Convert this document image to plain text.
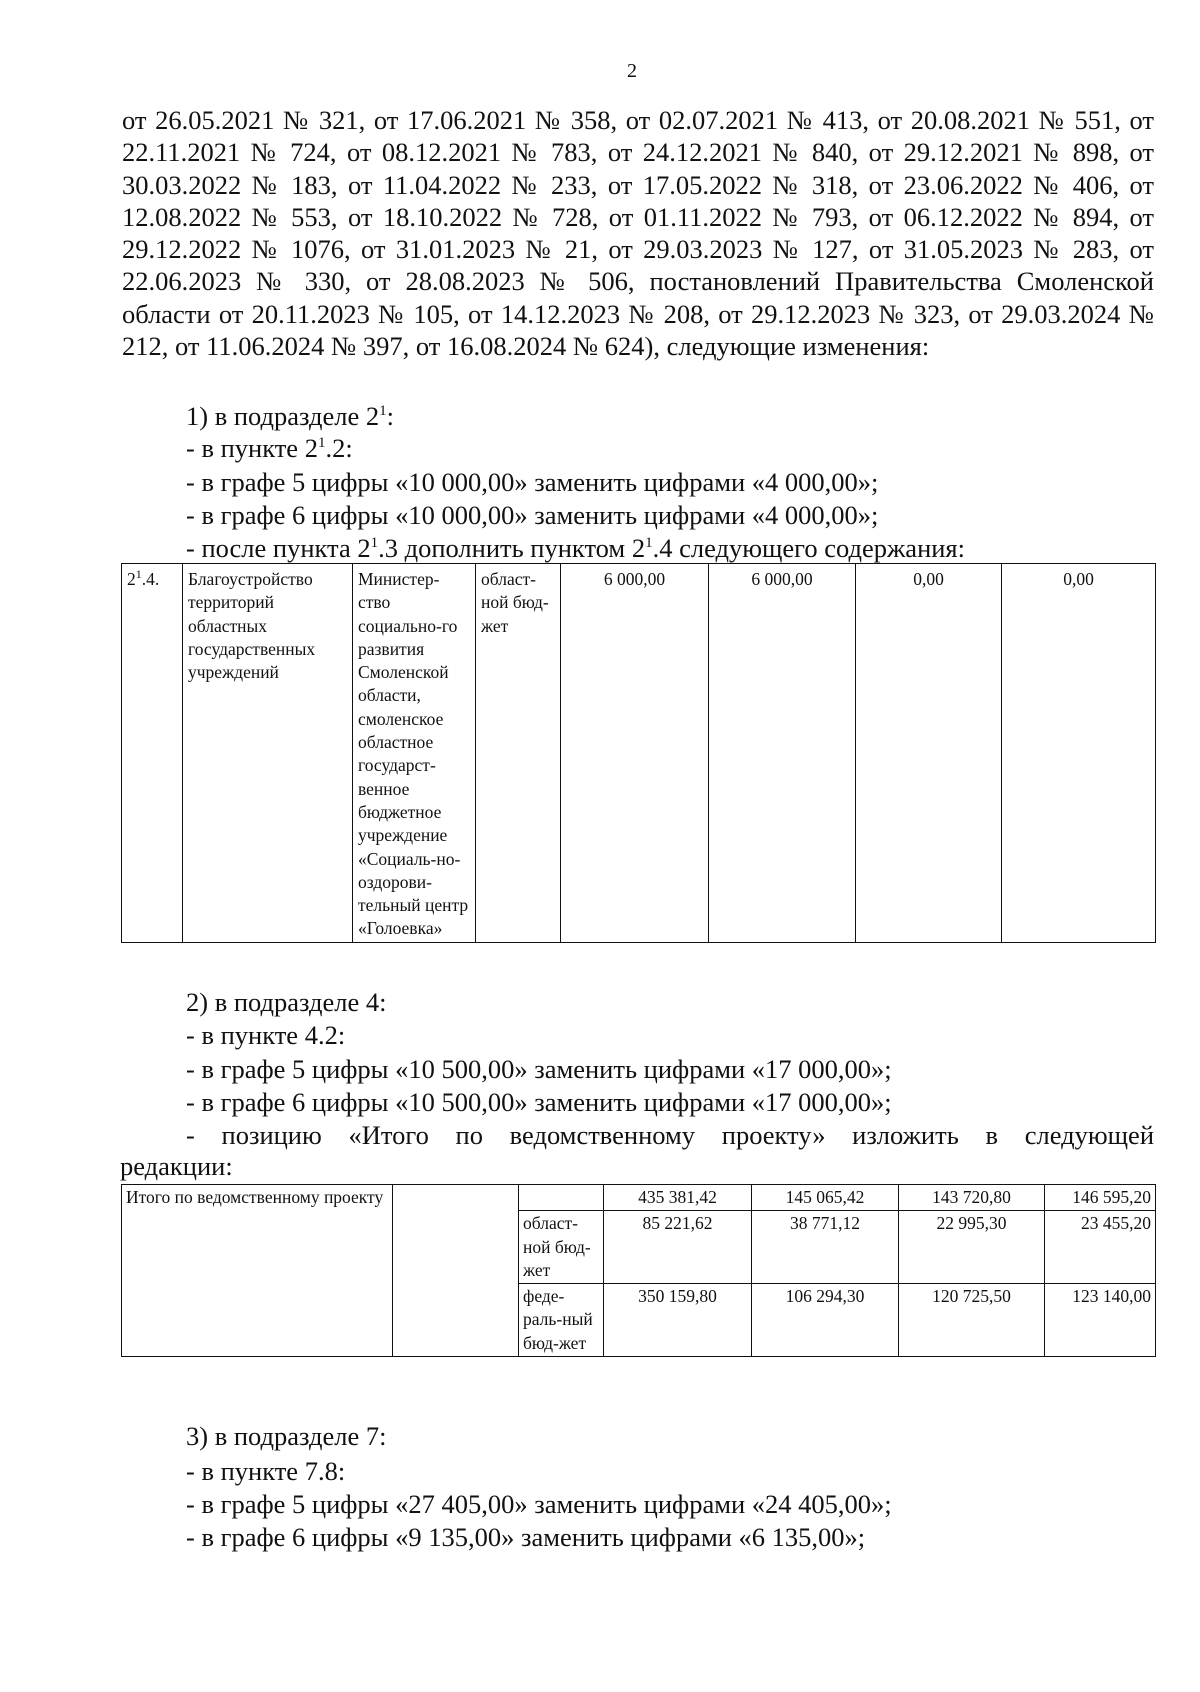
2
от 26.05.2021 № 321, от 17.06.2021 № 358, от 02.07.2021 № 413, от 20.08.2021 № 551, от 22.11.2021 № 724, от 08.12.2021 № 783, от 24.12.2021 № 840, от 29.12.2021 № 898, от 30.03.2022 № 183, от 11.04.2022 № 233, от 17.05.2022 № 318, от 23.06.2022 № 406, от 12.08.2022 № 553, от 18.10.2022 № 728, от 01.11.2022 № 793, от 06.12.2022 № 894, от 29.12.2022 № 1076, от 31.01.2023 № 21, от 29.03.2023 № 127, от 31.05.2023 № 283, от 22.06.2023 № 330, от 28.08.2023 № 506, постановлений Правительства Смоленской области от 20.11.2023 № 105, от 14.12.2023 № 208, от 29.12.2023 № 323, от 29.03.2024 № 212, от 11.06.2024 № 397, от 16.08.2024 № 624), следующие изменения:
1) в подразделе $2^1$:
- в пункте $2^1.2$:
- в графе 5 цифры «10 000,00» заменить цифрами «4 000,00»;
- в графе 6 цифры «10 000,00» заменить цифрами «4 000,00»;
- после пункта $2^1.3$ дополнить пунктом $2^1.4$ следующего содержания:
$2^1.4$.	Благоустройство территорий областных государственных учреждений	Министер-ство социально-го развития Смоленской области, смоленское областное государст-венное бюджетное учреждение «Социаль-но-оздорови-тельный центр «Голоевка»	област-ной бюд-жет	6 000,00	6 000,00	0,00	0,00
2) в подразделе 4:
- в пункте 4.2:
- в графе 5 цифры «10 500,00» заменить цифрами «17 000,00»;
- в графе 6 цифры «10 500,00» заменить цифрами «17 000,00»;
- позицию «Итого по ведомственному проекту» изложить в следующей
редакции:
Итого по ведомственному проекту			435 381,42	145 065,42	143 720,80	146 595,20
		област-ной бюд-жет	85 221,62	38 771,12	22 995,30	23 455,20
		феде-раль-ный бюд-жет	350 159,80	106 294,30	120 725,50	123 140,00
3) в подразделе 7:
- в пункте 7.8:
- в графе 5 цифры «27 405,00» заменить цифрами «24 405,00»;
- в графе 6 цифры «9 135,00» заменить цифрами «6 135,00»;
